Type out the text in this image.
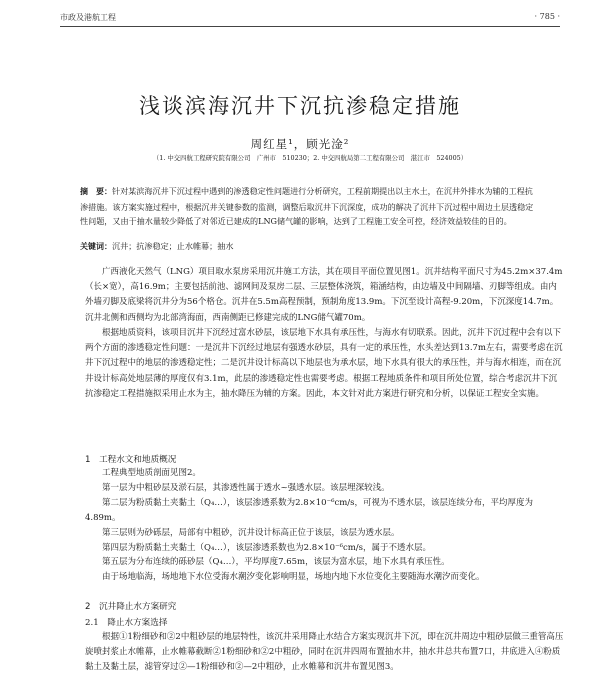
市政及港航工程	· 785 ·
浅谈滨海沉井下沉抗渗稳定措施
周红星¹，顾光淦²
（1. 中交四航工程研究院有限公司　广州市　510230；2. 中交四航局第二工程有限公司　湛江市　524005）
摘　要：针对某滨海沉井下沉过程中遇到的渗透稳定性问题进行分析研究，工程前期提出以主水土，在沉井外排水为辅的工程抗渗措施。该方案实施过程中，根据沉井关键参数的监测，调整后取沉井下沉深度，成功的解决了沉井下沉过程中周边土层透稳定性问题，又由于抽水量较少降低了对邻近已建成的LNG储气罐的影响，达到了工程施工安全可控，经济效益较佳的目的。
关键词：沉井；抗渗稳定；止水帷幕；抽水
广西液化天然气（LNG）项目取水泵房采用沉井施工方法，其在项目平面位置见图1。沉井结构平面尺寸为45.2m×37.4m（长×宽），高16.9m；主要包括前池、滤网间及泵房二层、三层整体浇筑，箱涵结构，由边墙及中间隔墙、刃脚等组成。由内外墙刃脚及底梁将沉井分为56个格仓。沉井在5.5m高程预制，预制角度13.9m。下沉至设计高程-9.20m，下沉深度14.7m。沉井北侧和西侧均为北部湾海面，西南侧距已修建完成的LNG储气罐70m。
根据地质资料，该项目沉井下沉经过富水砂层，该层地下水具有承压性，与海水有切联系。因此，沉井下沉过程中会有以下两个方面的渗透稳定性问题：一是沉井下沉经过地层有强透水砂层，具有一定的承压性，水头差达到13.7m左右，需要考虑在沉井下沉过程中的地层的渗透稳定性；二是沉井设计标高以下地层也为承水层，地下水具有很大的承压性，并与海水相连，而在沉井设计标高处地层薄的厚度仅有3.1m，此层的渗透稳定性也需要考虑。根据工程地质条件和项目所处位置，综合考虑沉井下沉抗渗稳定工程措施拟采用止水为主，抽水降压为辅的方案。因此，本文针对此方案进行研究和分析，以保证工程安全实施。
1 工程水文和地质概况
工程典型地质剖面见图2。
第一层为中粗砂层及淤石层，其渗透性属于透水~强透水层。该层埋深较浅。
第二层为粉质黏土夹黏土（Q₄…），该层渗透系数为2.8×10⁻⁶cm/s，可视为不透水层，该层连续分布，平均厚度为4.89m。
第三层则为砂砾层，局部有中粗砂，沉井设计标高正位于该层，该层为透水层。
第四层为粉质黏土夹黏土（Q₄…），该层渗透系数也为2.8×10⁻⁶cm/s，属于不透水层。
第五层为分布连续的砾砂层（Q₄…），平均厚度7.65m，该层为富水层，地下水具有承压性。
由于场地临海，场地地下水位受海水潮汐变化影响明显，场地内地下水位变化主要随海水潮汐而变化。
2 沉井降止水方案研究
2.1　 降止水方案选择
根据①1粉细砂和②2中粗砂层的地层特性，该沉井采用降止水结合方案实现沉井下沉，即在沉井周边中粗砂层做三重管高压旋喷封浆止水帷幕，止水帷幕截断②1粉细砂和②2中粗砂，同时在沉井四周布置抽水井，抽水井总共布置7口，井底进入④粉质黏土及黏土层，滤管穿过②—1粉细砂和②—2中粗砂，止水帷幕和沉井布置见图3。
